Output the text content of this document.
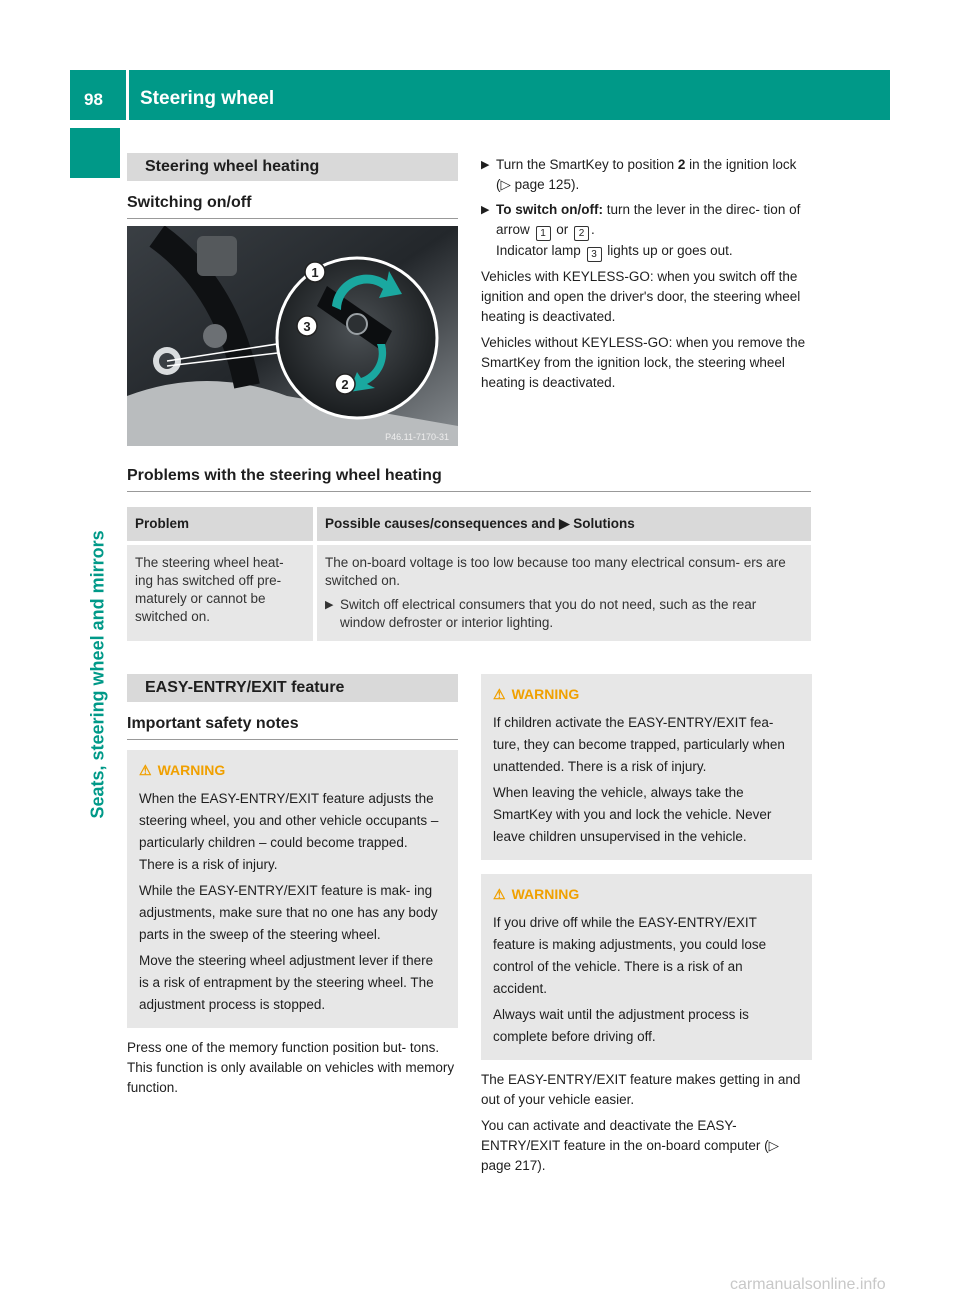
98 Steering wheel
Seats, steering wheel and mirrors
Steering wheel heating
Switching on/off
1
3
2
P46.11-7170-31
▶ Turn the SmartKey to position 2 in the ignition lock (▷ page 125).
▶ To switch on/off: turn the lever in the direc- tion of arrow 1 or 2 .
Indicator lamp 3 lights up or goes out.

Vehicles with KEYLESS-GO: when you switch off the ignition and open the driver's door, the steering wheel heating is deactivated.

Vehicles without KEYLESS-GO: when you remove the SmartKey from the ignition lock, the steering wheel heating is deactivated.

Problems with the steering wheel heating
Problem	Possible causes/consequences and ▶ Solutions
The steering wheel heat- ing has switched off pre- maturely or cannot be switched on.	The on-board voltage is too low because too many electrical consum- ers are switched on.

▶ Switch off electrical consumers that you do not need, such as the rear window defroster or interior lighting.
EASY-ENTRY/EXIT feature
Important safety notes
⚠ WARNING

When the EASY-ENTRY/EXIT feature adjusts the steering wheel, you and other vehicle occupants – particularly children – could become trapped. There is a risk of injury.

While the EASY-ENTRY/EXIT feature is mak- ing adjustments, make sure that no one has any body parts in the sweep of the steering wheel.

Move the steering wheel adjustment lever if there is a risk of entrapment by the steering wheel. The adjustment process is stopped.

Press one of the memory function position but- tons. This function is only available on vehicles with memory function.

⚠ WARNING

If children activate the EASY-ENTRY/EXIT fea- ture, they can become trapped, particularly when unattended. There is a risk of injury.

When leaving the vehicle, always take the SmartKey with you and lock the vehicle. Never leave children unsupervised in the vehicle.

⚠ WARNING

If you drive off while the EASY-ENTRY/EXIT feature is making adjustments, you could lose control of the vehicle. There is a risk of an accident.

Always wait until the adjustment process is complete before driving off.

The EASY-ENTRY/EXIT feature makes getting in and out of your vehicle easier.

You can activate and deactivate the EASY- ENTRY/EXIT feature in the on-board computer (▷ page 217).

carmanualsonline.info
